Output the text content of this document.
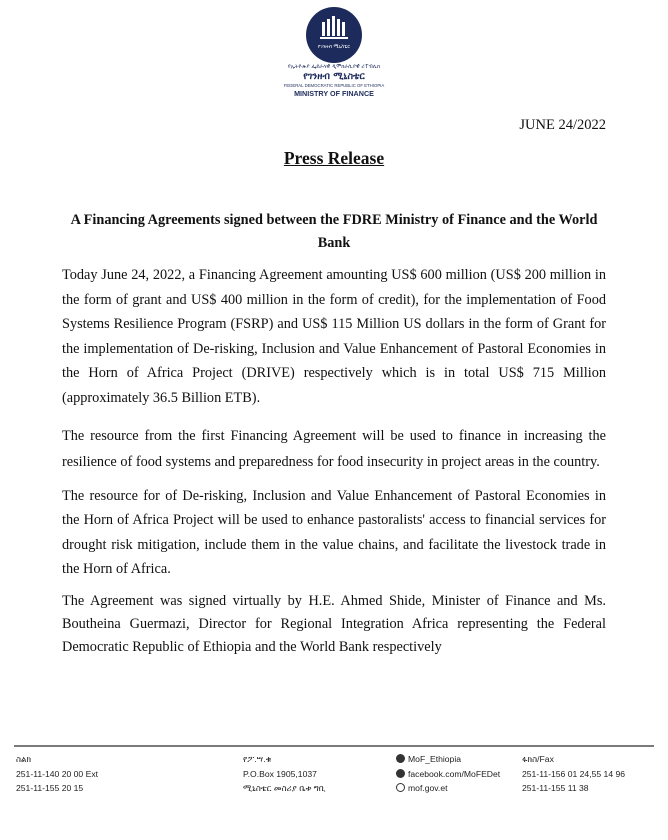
የገንዘብ ሚኒስቴር
የኢትዮጵያ ፌደራላዊ ዲሞክራሲያዊ ሪፐብሊክ
የገንዘብ ሚኒስቴር
FEDERAL DEMOCRATIC REPUBLIC OF ETHIOPIA
MINISTRY OF FINANCE
JUNE 24/2022
Press Release
A Financing Agreements signed between the FDRE Ministry of Finance and the World Bank

Today June 24, 2022, a Financing Agreement amounting US$ 600 million (US$ 200 million in the form of grant and US$ 400 million in the form of credit), for the implementation of Food Systems Resilience Program (FSRP) and US$ 115 Million US dollars in the form of Grant for the implementation of De-risking, Inclusion and Value Enhancement of Pastoral Economies in the Horn of Africa Project (DRIVE) respectively which is in total US$ 715 Million (approximately 36.5 Billion ETB).

The resource from the first Financing Agreement will be used to finance in increasing the resilience of food systems and preparedness for food insecurity in project areas in the country.

The resource for of De-risking, Inclusion and Value Enhancement of Pastoral Economies in the Horn of Africa Project will be used to enhance pastoralists' access to financial services for drought risk mitigation, include them in the value chains, and facilitate the livestock trade in the Horn of Africa.

The Agreement was signed virtually by H.E. Ahmed Shide, Minister of Finance and Ms. Boutheina Guermazi, Director for Regional Integration Africa representing the Federal Democratic Republic of Ethiopia and the World Bank respectively

ስልክ
251-11-140 20 00 Ext
251-11-155 20 15
የፖ.ሣ.ቁ
P.O.Box 1905,1037
ሚኒስቴር መስሪያ ቤቱ ግቢ
MoF_Ethiopia
facebook.com/MoFEDet
mof.gov.et
ፋክስ/Fax
251-11-156 01 24,55 14 96
251-11-155 11 38
